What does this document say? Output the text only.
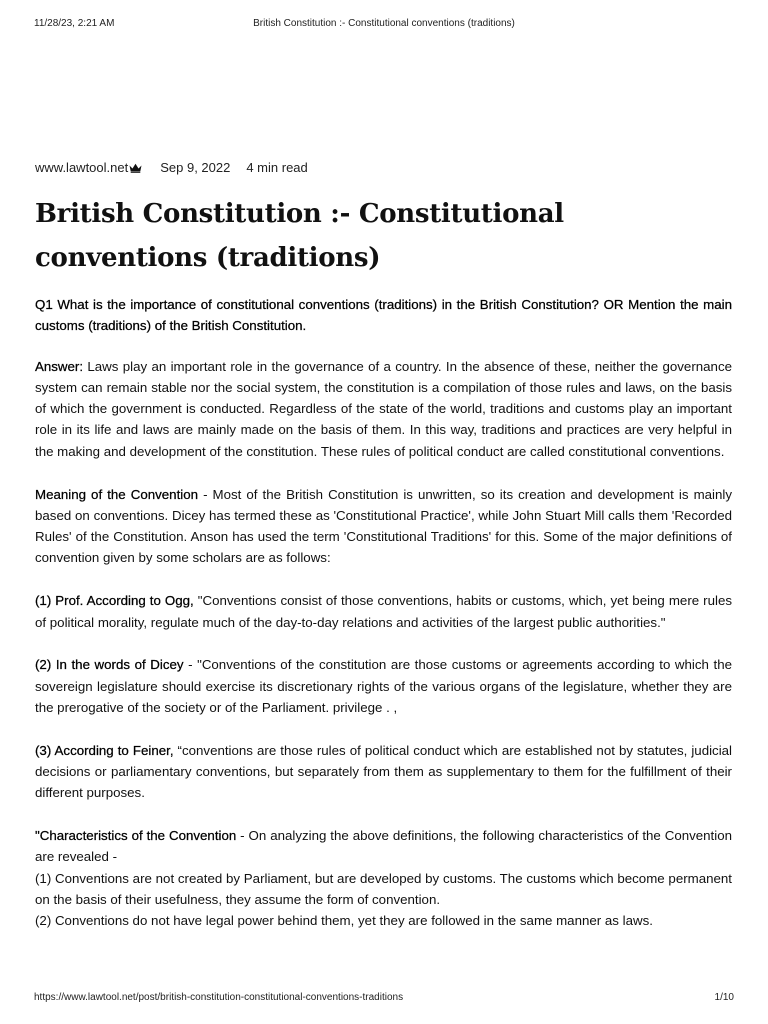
11/28/23, 2:21 AM	British Constitution :- Constitutional conventions (traditions)
www.lawtool.net Sep 9, 2022 4 min read
British Constitution :- Constitutional conventions (traditions)

Q1 What is the importance of constitutional conventions (traditions) in the British Constitution? OR Mention the main customs (traditions) of the British Constitution.

Answer: Laws play an important role in the governance of a country. In the absence of these, neither the governance system can remain stable nor the social system, the constitution is a compilation of those rules and laws, on the basis of which the government is conducted. Regardless of the state of the world, traditions and customs play an important role in its life and laws are mainly made on the basis of them. In this way, traditions and practices are very helpful in the making and development of the constitution. These rules of political conduct are called constitutional conventions.

Meaning of the Convention - Most of the British Constitution is unwritten, so its creation and development is mainly based on conventions. Dicey has termed these as 'Constitutional Practice', while John Stuart Mill calls them 'Recorded Rules' of the Constitution. Anson has used the term 'Constitutional Traditions' for this. Some of the major definitions of convention given by some scholars are as follows:

(1) Prof. According to Ogg, "Conventions consist of those conventions, habits or customs, which, yet being mere rules of political morality, regulate much of the day-to-day relations and activities of the largest public authorities."

(2) In the words of Dicey - "Conventions of the constitution are those customs or agreements according to which the sovereign legislature should exercise its discretionary rights of the various organs of the legislature, whether they are the prerogative of the society or of the Parliament. privilege . ,

(3) According to Feiner, “conventions are those rules of political conduct which are established not by statutes, judicial decisions or parliamentary conventions, but separately from them as supplementary to them for the fulfillment of their different purposes.

"Characteristics of the Convention - On analyzing the above definitions, the following characteristics of the Convention are revealed -

(1) Conventions are not created by Parliament, but are developed by customs. The customs which become permanent on the basis of their usefulness, they assume the form of convention.

(2) Conventions do not have legal power behind them, yet they are followed in the same manner as laws.

https://www.lawtool.net/post/british-constitution-constitutional-conventions-traditions	1/10
